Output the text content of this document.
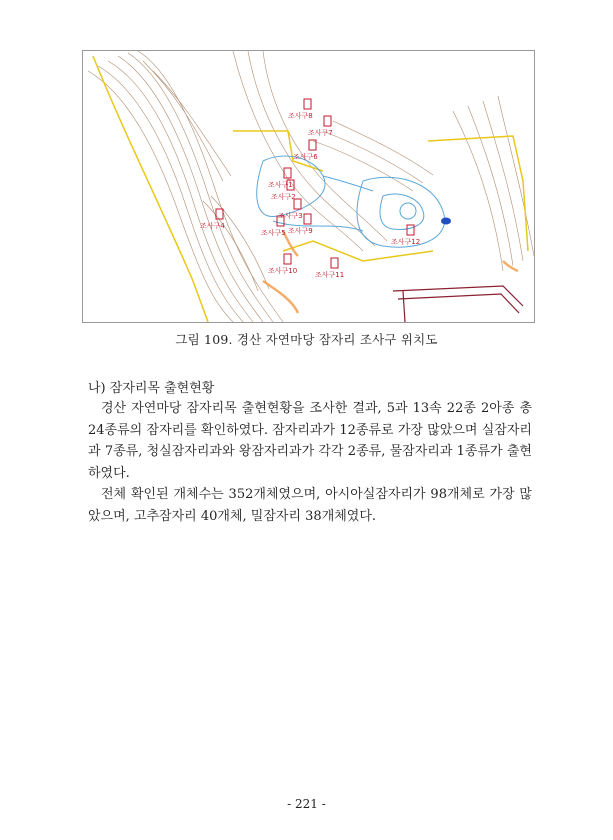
조사구8
조사구7
조사구6
조사구1
조사구2
조사구3
조사구4
조사구5 조사구9
조사구10	조사구11
조사구12
그림 109. 경산 자연마당 잠자리 조사구 위치도
나) 잠자리목 출현현황

경산 자연마당 잠자리목 출현현황을 조사한 결과, 5과 13속 22종 2아종 총 24종류의 잠자리를 확인하였다. 잠자리과가 12종류로 가장 많았으며 실잠자리과 7종류, 청실잠자리과와 왕잠자리과가 각각 2종류, 물잠자리과 1종류가 출현하였다.

전체 확인된 개체수는 352개체였으며, 아시아실잠자리가 98개체로 가장 많았으며, 고추잠자리 40개체, 밀잠자리 38개체였다.

- 221 -
